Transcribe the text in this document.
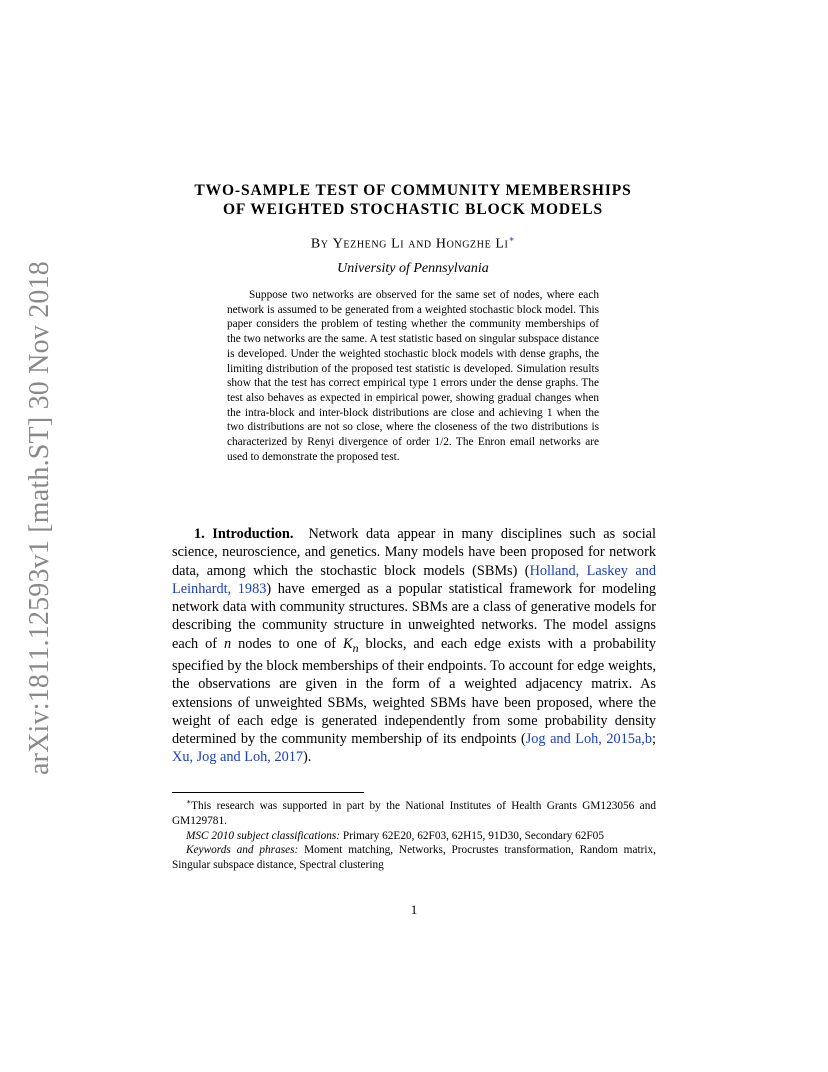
arXiv:1811.12593v1 [math.ST] 30 Nov 2018
TWO-SAMPLE TEST OF COMMUNITY MEMBERSHIPS
OF WEIGHTED STOCHASTIC BLOCK MODELS
By Yezheng Li and Hongzhe Li∗
University of Pennsylvania

Suppose two networks are observed for the same set of nodes, where each network is assumed to be generated from a weighted stochastic block model. This paper considers the problem of testing whether the community memberships of the two networks are the same. A test statistic based on singular subspace distance is developed. Under the weighted stochastic block models with dense graphs, the limiting distribution of the proposed test statistic is developed. Simulation results show that the test has correct empirical type 1 errors under the dense graphs. The test also behaves as expected in empirical power, showing gradual changes when the intra-block and inter-block distributions are close and achieving 1 when the two distributions are not so close, where the closeness of the two distributions is characterized by Renyi divergence of order 1/2. The Enron email networks are used to demonstrate the proposed test.

1. Introduction. Network data appear in many disciplines such as social science, neuroscience, and genetics. Many models have been proposed for network data, among which the stochastic block models (SBMs) (Holland, Laskey and Leinhardt, 1983) have emerged as a popular statistical framework for modeling network data with community structures. SBMs are a class of generative models for describing the community structure in unweighted networks. The model assigns each of n nodes to one of $K_n$ blocks, and each edge exists with a probability specified by the block memberships of their endpoints. To account for edge weights, the observations are given in the form of a weighted adjacency matrix. As extensions of unweighted SBMs, weighted SBMs have been proposed, where the weight of each edge is generated independently from some probability density determined by the community membership of its endpoints (Jog and Loh, 2015a,b; Xu, Jog and Loh, 2017).

∗This research was supported in part by the National Institutes of Health Grants GM123056 and GM129781.

MSC 2010 subject classifications: Primary 62E20, 62F03, 62H15, 91D30, Secondary 62F05

Keywords and phrases: Moment matching, Networks, Procrustes transformation, Random matrix, Singular subspace distance, Spectral clustering

1
